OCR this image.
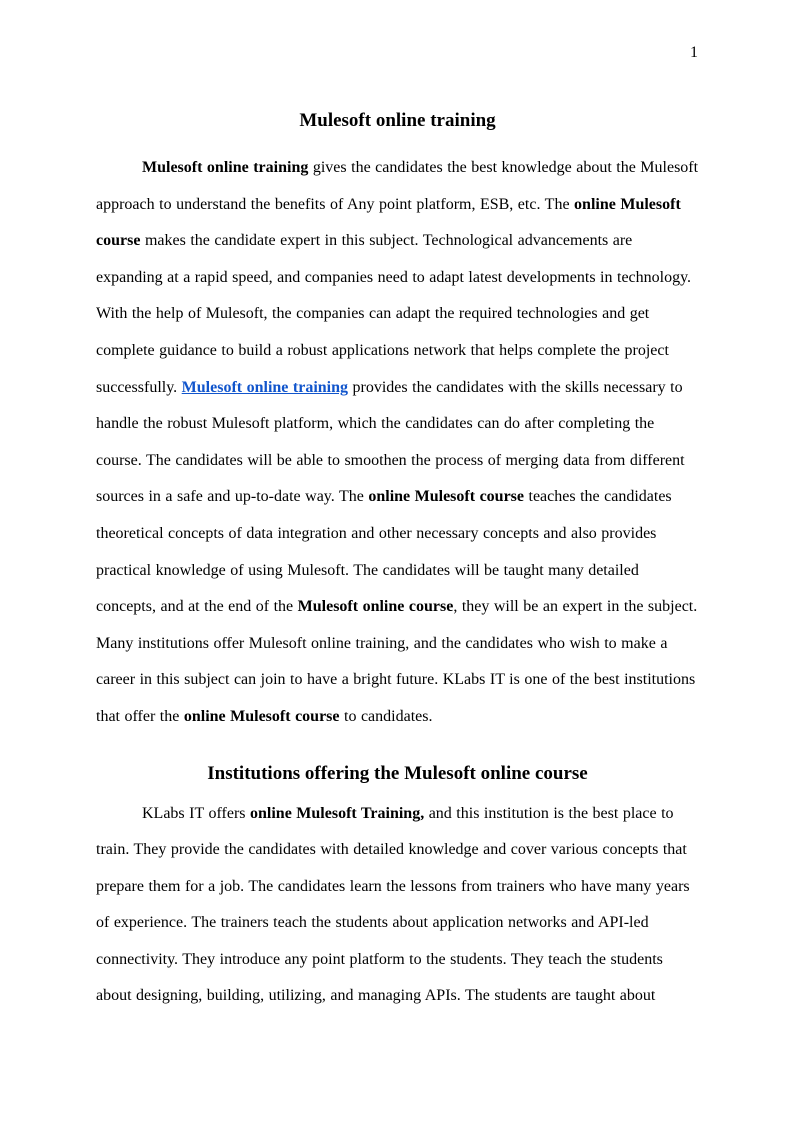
1
Mulesoft online training

Mulesoft online training gives the candidates the best knowledge about the Mulesoft approach to understand the benefits of Any point platform, ESB, etc. The online Mulesoft course makes the candidate expert in this subject. Technological advancements are expanding at a rapid speed, and companies need to adapt latest developments in technology. With the help of Mulesoft, the companies can adapt the required technologies and get complete guidance to build a robust applications network that helps complete the project successfully. Mulesoft online training provides the candidates with the skills necessary to handle the robust Mulesoft platform, which the candidates can do after completing the course. The candidates will be able to smoothen the process of merging data from different sources in a safe and up-to-date way. The online Mulesoft course teaches the candidates theoretical concepts of data integration and other necessary concepts and also provides practical knowledge of using Mulesoft. The candidates will be taught many detailed concepts, and at the end of the Mulesoft online course, they will be an expert in the subject. Many institutions offer Mulesoft online training, and the candidates who wish to make a career in this subject can join to have a bright future. KLabs IT is one of the best institutions that offer the online Mulesoft course to candidates.

Institutions offering the Mulesoft online course

KLabs IT offers online Mulesoft Training, and this institution is the best place to train. They provide the candidates with detailed knowledge and cover various concepts that prepare them for a job. The candidates learn the lessons from trainers who have many years of experience. The trainers teach the students about application networks and API-led connectivity. They introduce any point platform to the students. They teach the students about designing, building, utilizing, and managing APIs. The students are taught about
